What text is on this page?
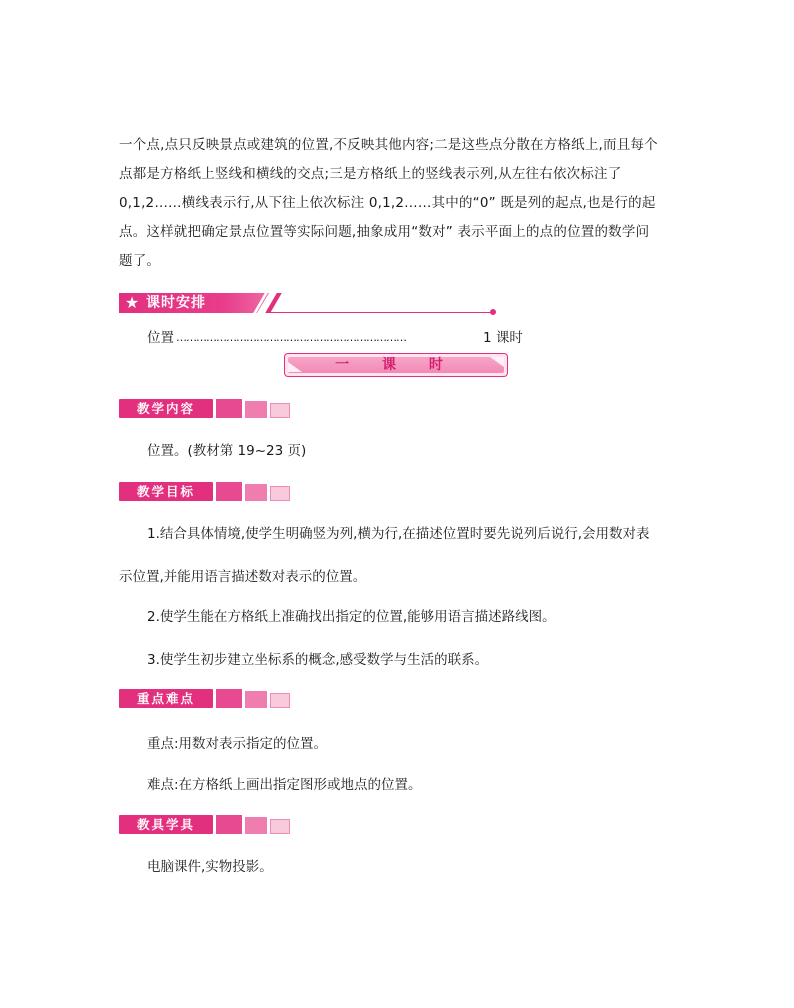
一个点,点只反映景点或建筑的位置,不反映其他内容;二是这些点分散在方格纸上,而且每个
点都是方格纸上竖线和横线的交点;三是方格纸上的竖线表示列,从左往右依次标注了
0,1,2……横线表示行,从下往上依次标注 0,1,2……其中的“0” 既是列的起点,也是行的起
点。这样就把确定景点位置等实际问题,抽象成用“数对” 表示平面上的点的位置的数学问
题了。

★ 课时安排
位置 ……………………………………………………………	1 课时
一 课 时
教学内容
位置。(教材第 19~23 页)
教学目标
1.结合具体情境,使学生明确竖为列,横为行,在描述位置时要先说列后说行,会用数对表
示位置,并能用语言描述数对表示的位置。
2.使学生能在方格纸上准确找出指定的位置,能够用语言描述路线图。
3.使学生初步建立坐标系的概念,感受数学与生活的联系。
重点难点
重点:用数对表示指定的位置。
难点:在方格纸上画出指定图形或地点的位置。
教具学具
电脑课件,实物投影。
